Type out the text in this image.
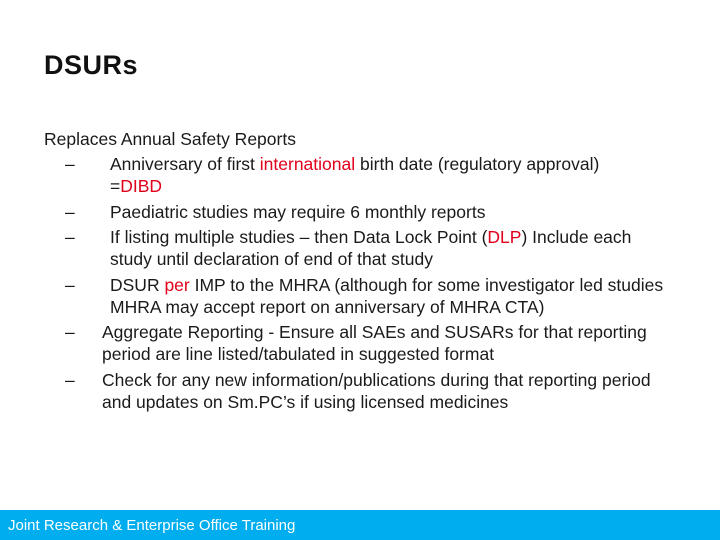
DSURs
Replaces Annual Safety Reports
–	Anniversary of first international birth date (regulatory approval)
=DIBD
–	Paediatric studies may require 6 monthly reports
–	If listing multiple studies – then Data Lock Point (DLP) Include each study until declaration of end of that study
–	DSUR per IMP to the MHRA (although for some investigator led studies MHRA may accept report on anniversary of MHRA CTA)
–	Aggregate Reporting - Ensure all SAEs and SUSARs for that reporting period are line listed/tabulated in suggested format
–	Check for any new information/publications during that reporting period and updates on Sm.PC’s if using licensed medicines
Joint Research & Enterprise Office Training
